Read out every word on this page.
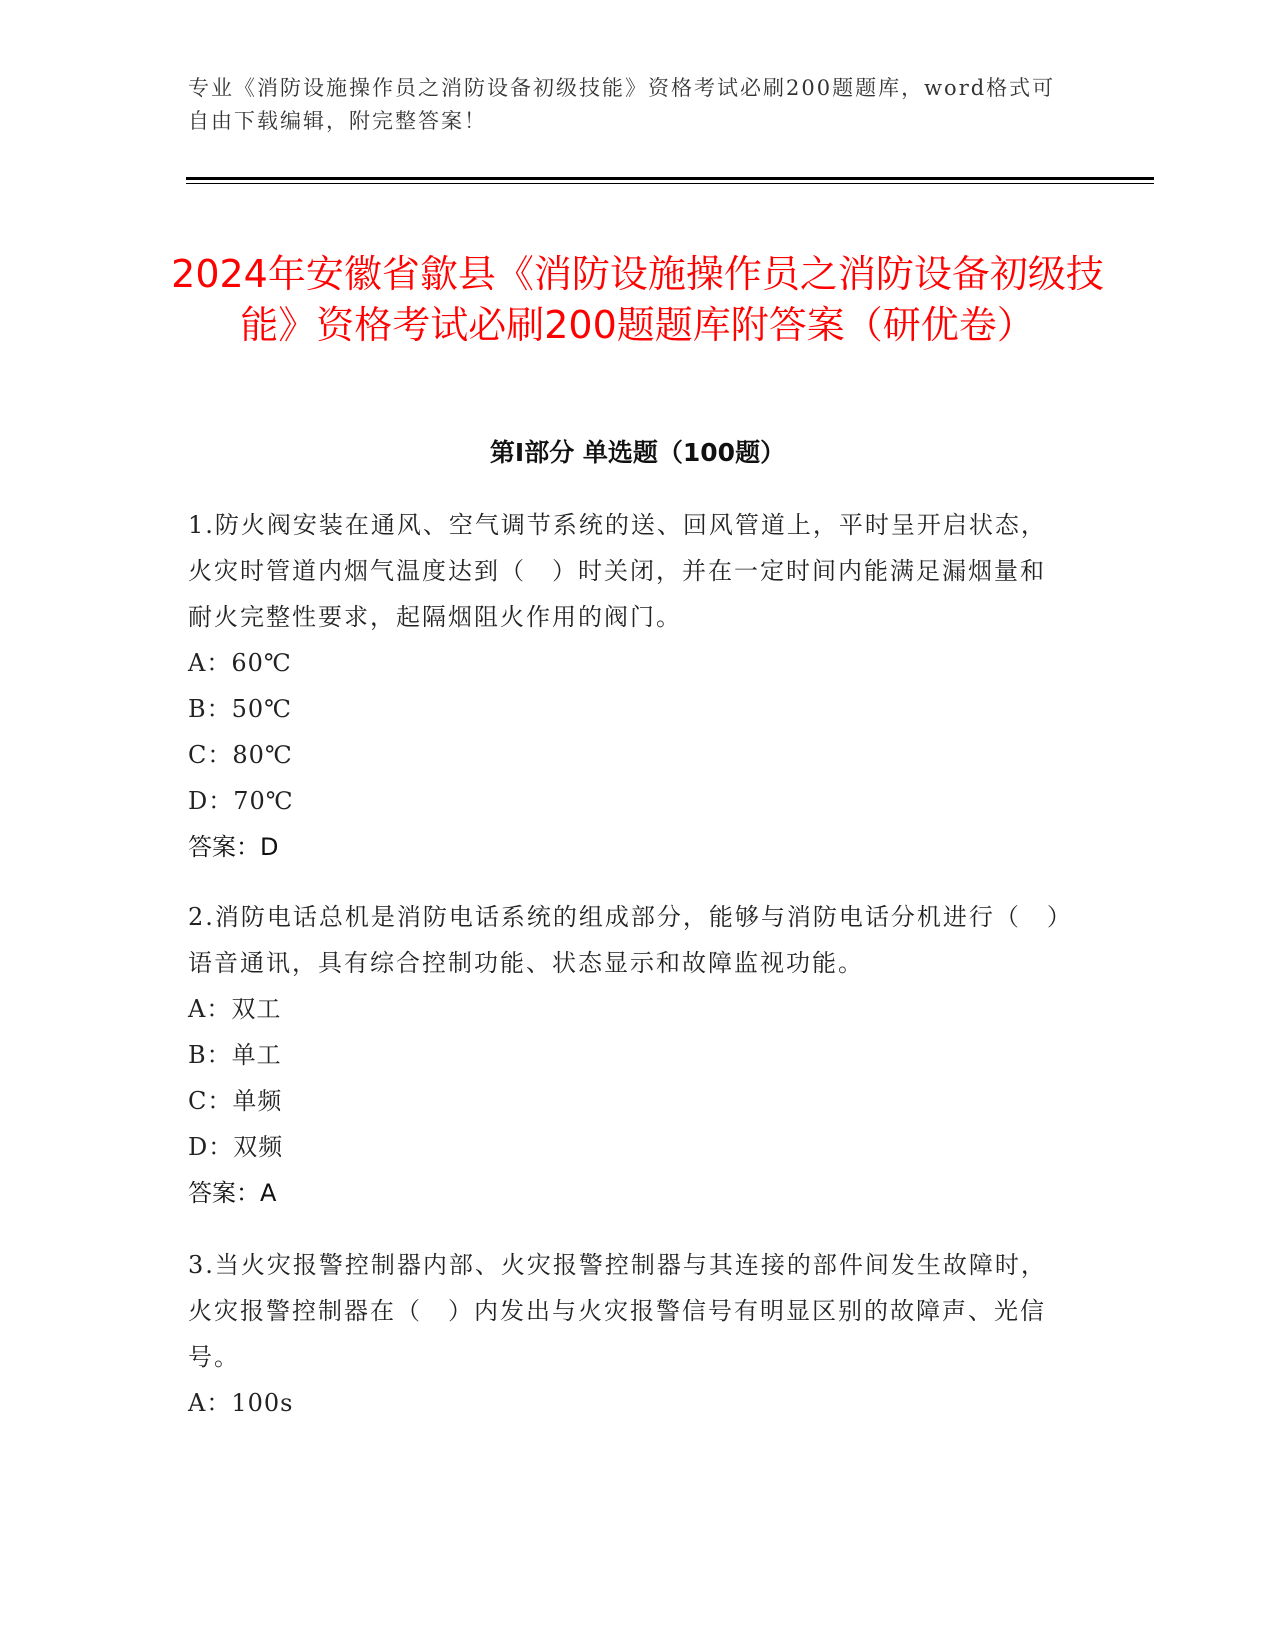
专业《消防设施操作员之消防设备初级技能》资格考试必刷200题题库，word格式可自由下载编辑，附完整答案！
2024年安徽省歙县《消防设施操作员之消防设备初级技能》资格考试必刷200题题库附答案（研优卷）
第Ⅰ部分 单选题（100题）

1.防火阀安装在通风、空气调节系统的送、回风管道上，平时呈开启状态，火灾时管道内烟气温度达到（　）时关闭，并在一定时间内能满足漏烟量和耐火完整性要求，起隔烟阻火作用的阀门。

A：60℃

B：50℃

C：80℃

D：70℃

答案：D

2.消防电话总机是消防电话系统的组成部分，能够与消防电话分机进行（　）语音通讯，具有综合控制功能、状态显示和故障监视功能。

A：双工

B：单工

C：单频

D：双频

答案：A

3.当火灾报警控制器内部、火灾报警控制器与其连接的部件间发生故障时，火灾报警控制器在（　）内发出与火灾报警信号有明显区别的故障声、光信号。

A：100s
